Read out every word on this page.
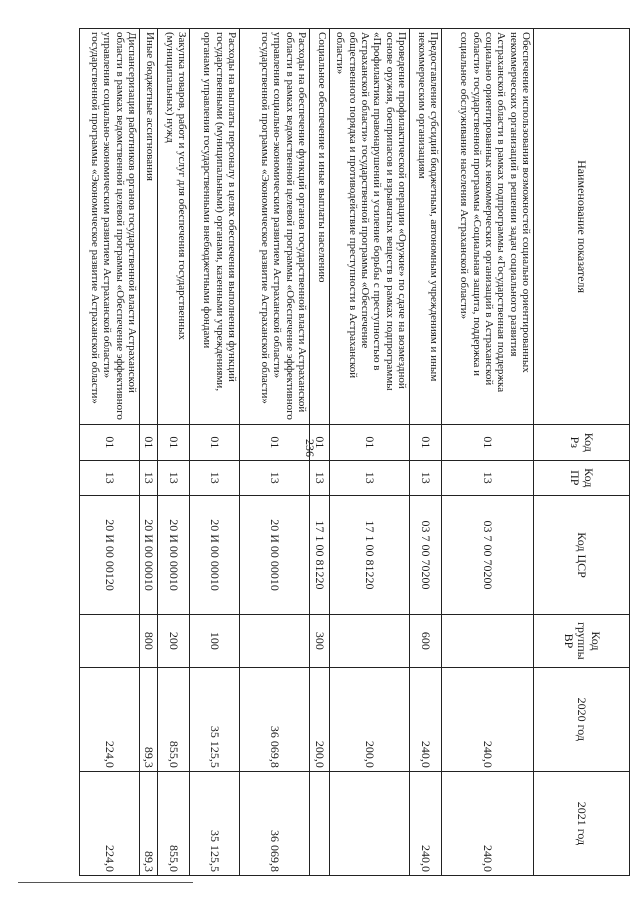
236
Наименование показателя	Код Рз	Код ПР	Код ЦСР	Код группы ВР	2020 год	2021 год
Обеспечение использования возможностей социально ориентированных некоммерческих организаций в решении задач социального развития Астраханской области в рамках подпрограммы «Государственная поддержка социально ориентированных некоммерческих организаций в Астраханской области» государственной программы «Социальная защита, поддержка и социальное обслуживание населения Астраханской области»	01	13	03 7 00 70200		240,0	240,0
Предоставление субсидий бюджетным, автономным учреждениям и иным некоммерческим организациям	01	13	03 7 00 70200	600	240,0	240,0
Проведение профилактической операции «Оружие» по сдаче на возмездной основе оружия, боеприпасов и взрывчатых веществ в рамках подпрограммы «Профилактика правонарушений и усиление борьбы с преступностью в Астраханской области» государственной программы «Обеспечение общественного порядка и противодействие преступности в Астраханской области»	01	13	17 1 00 81220		200,0	
Социальное обеспечение и иные выплаты населению	01	13	17 1 00 81220	300	200,0	
Расходы на обеспечение функций органов государственной власти Астраханской области в рамках ведомственной целевой программы «Обеспечение эффективного управления социально-экономическим развитием Астраханской области» государственной программы «Экономическое развитие Астраханской области»	01	13	20 И 00 00010		36 069,8	36 069,8
Расходы на выплаты персоналу в целях обеспечения выполнения функций государственными (муниципальными) органами, казенными учреждениями, органами управления государственными внебюджетными фондами	01	13	20 И 00 00010	100	35 125,5	35 125,5
Закупка товаров, работ и услуг для обеспечения государственных (муниципальных) нужд	01	13	20 И 00 00010	200	855,0	855,0
Иные бюджетные ассигнования	01	13	20 И 00 00010	800	89,3	89,3
Диспансеризация работников органов государственной власти Астраханской области в рамках ведомственной целевой программы «Обеспечение эффективного управления социально-экономическим развитием Астраханской области» государственной программы «Экономическое развитие Астраханской области»	01	13	20 И 00 00120		224,0	224,0
